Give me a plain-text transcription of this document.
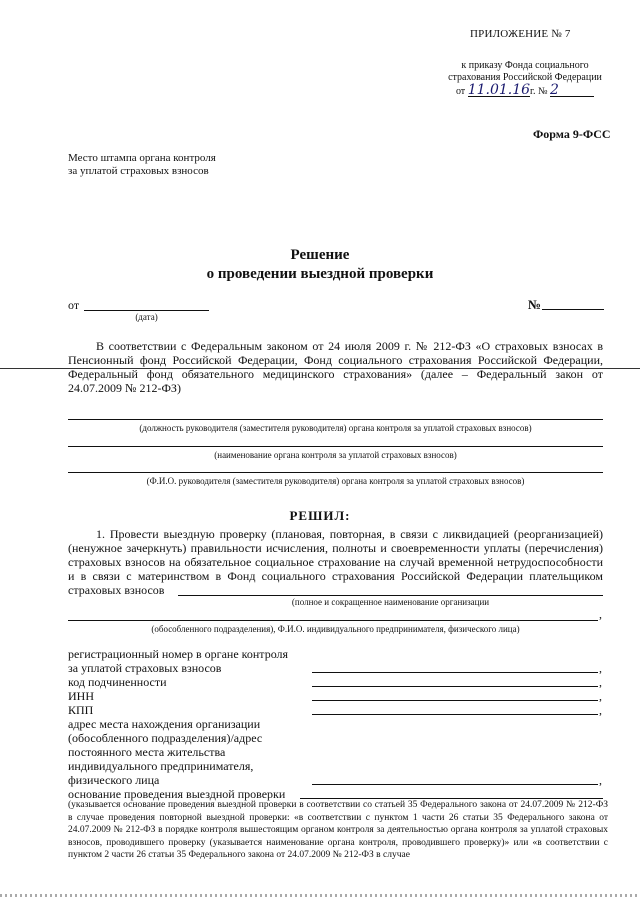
ПРИЛОЖЕНИЕ № 7
к приказу Фонда социального
страхования Российской Федерации
от 11.01.16г. № 2
Форма 9-ФСС
Место штампа органа контроля
за уплатой страховых взносов
Решение
о проведении выездной проверки
от
(дата)
№
В соответствии с Федеральным законом от 24 июля 2009 г. № 212-ФЗ «О страховых взносах в Пенсионный фонд Российской Федерации, Фонд социального страхования Российской Федерации, Федеральный фонд обязательного медицинского страхования» (далее – Федеральный закон от 24.07.2009 № 212-ФЗ)
(должность руководителя (заместителя руководителя) органа контроля за уплатой страховых взносов)
(наименование органа контроля за уплатой страховых взносов)
(Ф.И.О. руководителя (заместителя руководителя) органа контроля за уплатой страховых взносов)
РЕШИЛ:
1. Провести выездную проверку (плановая, повторная, в связи с ликвидацией (реорганизацией) (ненужное зачеркнуть) правильности исчисления, полноты и своевременности уплаты (перечисления) страховых взносов на обязательное социальное страхование на случай временной нетрудоспособности и в связи с материнством в Фонд социального страхования Российской Федерации плательщиком страховых взносов
(полное и сокращенное наименование организации
,
(обособленного подразделения), Ф.И.О. индивидуального предпринимателя, физического лица)
регистрационный номер в органе контроля
за уплатой страховых взносов	,
код подчиненности	,
ИНН	,
КПП	,
адрес места нахождения организации
(обособленного подразделения)/адрес
постоянного места жительства
индивидуального предпринимателя,
физического лица	,
основание проведения выездной проверки
(указывается основание проведения выездной проверки в соответствии со статьей 35 Федерального закона от 24.07.2009 № 212-ФЗ в случае проведения повторной выездной проверки: «в соответствии с пунктом 1 части 26 статьи 35 Федерального закона от 24.07.2009 № 212-ФЗ в порядке контроля вышестоящим органом контроля за деятельностью органа контроля за уплатой страховых взносов, проводившего проверку (указывается наименование органа контроля, проводившего проверку)» или «в соответствии с пунктом 2 части 26 статьи 35 Федерального закона от 24.07.2009 № 212-ФЗ в случае
